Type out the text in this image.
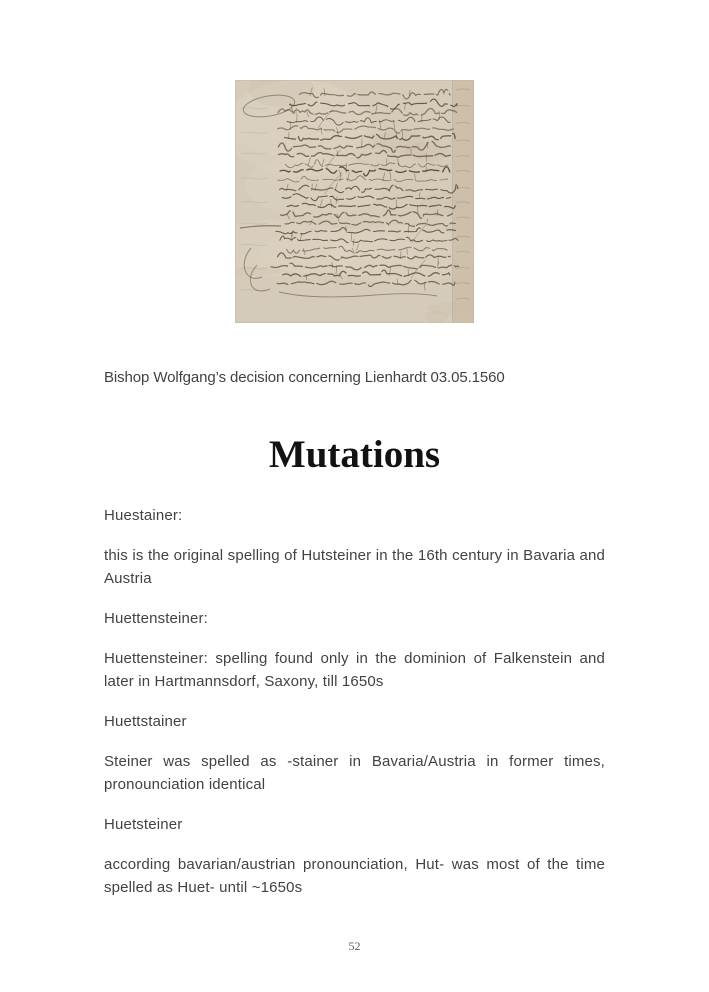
Bishop Wolfgang’s decision concerning Lienhardt 03.05.1560

Mutations

Huestainer:

this is the original spelling of Hutsteiner in the 16th century in Bavaria and Austria

Huettensteiner:

Huettensteiner: spelling found only in the dominion of Falkenstein and later in Hartmannsdorf, Saxony, till 1650s

Huettstainer

Steiner was spelled as -stainer in Bavaria/Austria in former times, pronounciation identical

Huetsteiner

according bavarian/austrian pronounciation, Hut- was most of the time spelled as Huet- until ~1650s

52
